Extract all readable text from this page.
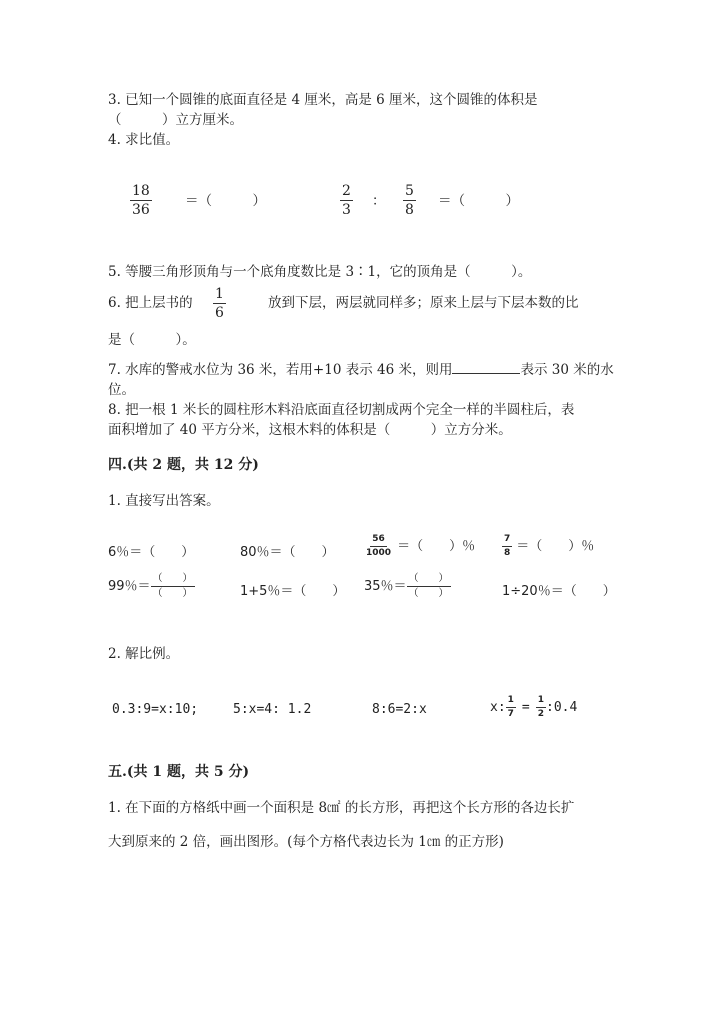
3. 已知一个圆锥的底面直径是 4 厘米，高是 6 厘米，这个圆锥的体积是
（　　　）立方厘米。
4. 求比值。
$\frac{18}{36}$ ＝（　　　）	$\frac{2}{3}$ ： $\frac{5}{8}$ ＝（　　　）
5. 等腰三角形顶角与一个底角度数比是 3∶1，它的顶角是（　　　）。
6. 把上层书的 $\frac{1}{6}$	放到下层，两层就同样多；原来上层与下层本数的比
是（　　　）。
7. 水库的警戒水位为 36 米，若用+10 表示 46 米，则用	表示 30 米的水
位。
8. 把一根 1 米长的圆柱形木料沿底面直径切割成两个完全一样的半圆柱后，表
面积增加了 40 平方分米，这根木料的体积是（　　　）立方分米。
四.(共 2 题，共 12 分)
1. 直接写出答案。
6％＝（　　）	80％＝（　　）	$\frac{56}{1000}$ ＝（　　）％	$\frac{7}{8}$ ＝（　　）％
99％＝ $\frac{( )}{( )}$	1+5％＝（　　） 35％＝ $\frac{( )}{( )}$	1÷20％＝（　　）
2. 解比例。
0.3:9=x:10;	5:x=4: 1.2	8:6=2:x	x: $\frac{1}{7} = \frac{1}{2}$ :0.4
五.(共 1 题，共 5 分)
1. 在下面的方格纸中画一个面积是 8㎠ 的长方形，再把这个长方形的各边长扩
大到原来的 2 倍，画出图形。(每个方格代表边长为 1㎝ 的正方形)
